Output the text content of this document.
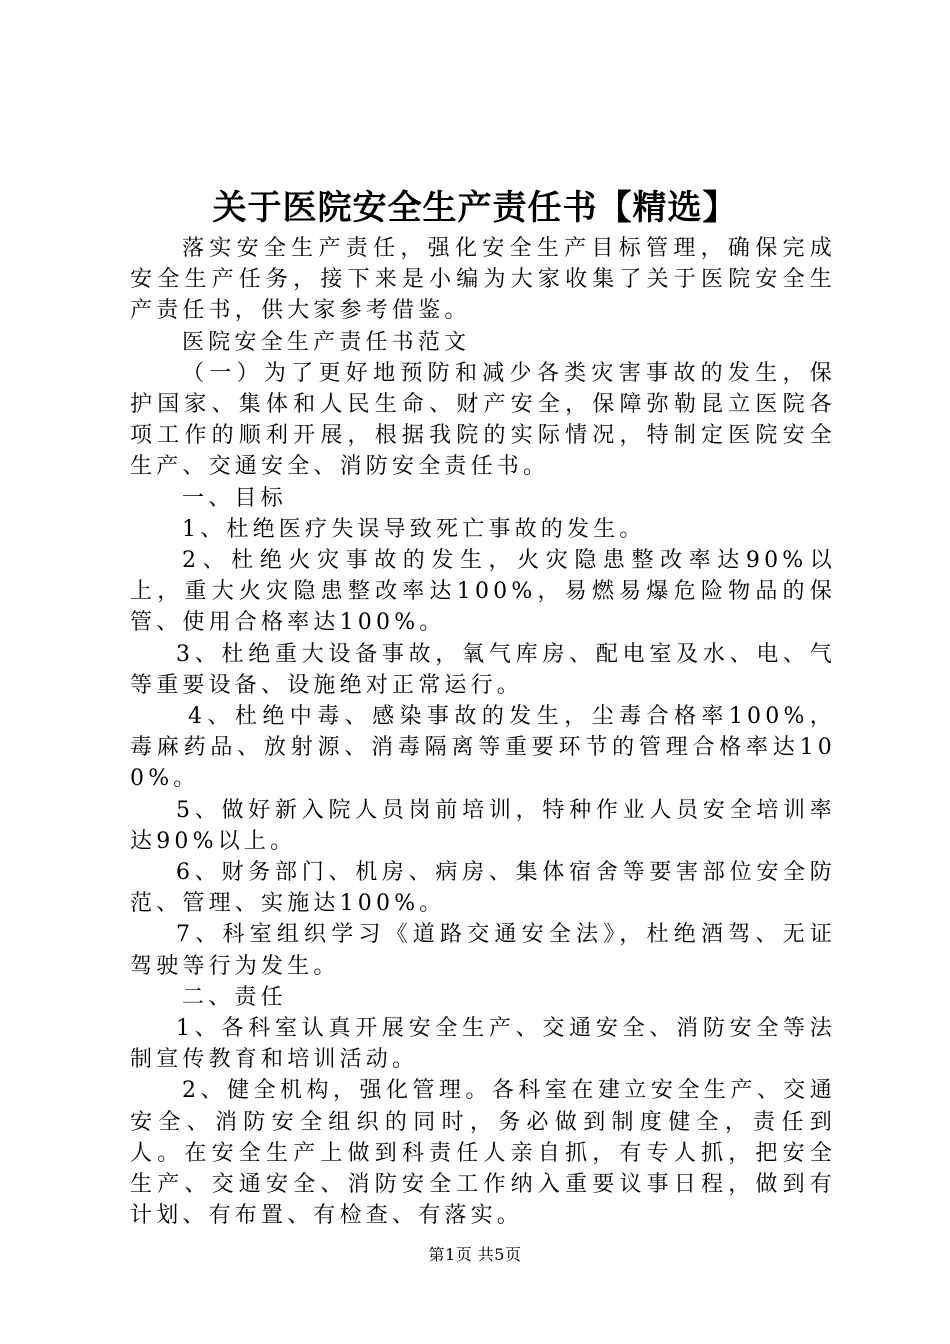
关于医院安全生产责任书【精选】

落实安全生产责任，强化安全生产目标管理，确保完成安全生产任务，接下来是小编为大家收集了关于医院安全生产责任书，供大家参考借鉴。

医院安全生产责任书范文

（一）为了更好地预防和减少各类灾害事故的发生，保护国家、集体和人民生命、财产安全，保障弥勒昆立医院各项工作的顺利开展，根据我院的实际情况，特制定医院安全生产、交通安全、消防安全责任书。

一、目标

1、杜绝医疗失误导致死亡事故的发生。

2、杜绝火灾事故的发生，火灾隐患整改率达90%以上，重大火灾隐患整改率达100%，易燃易爆危险物品的保管、使用合格率达100%。

3、杜绝重大设备事故，氧气库房、配电室及水、电、气等重要设备、设施绝对正常运行。

4、杜绝中毒、感染事故的发生，尘毒合格率100%，毒麻药品、放射源、消毒隔离等重要环节的管理合格率达100%。

5、做好新入院人员岗前培训，特种作业人员安全培训率达90%以上。

6、财务部门、机房、病房、集体宿舍等要害部位安全防范、管理、实施达100%。

7、科室组织学习《道路交通安全法》，杜绝酒驾、无证驾驶等行为发生。

二、责任

1、各科室认真开展安全生产、交通安全、消防安全等法制宣传教育和培训活动。

2、健全机构，强化管理。各科室在建立安全生产、交通安全、消防安全组织的同时，务必做到制度健全，责任到人。在安全生产上做到科责任人亲自抓，有专人抓，把安全生产、交通安全、消防安全工作纳入重要议事日程，做到有计划、有布置、有检查、有落实。

第1页 共5页
